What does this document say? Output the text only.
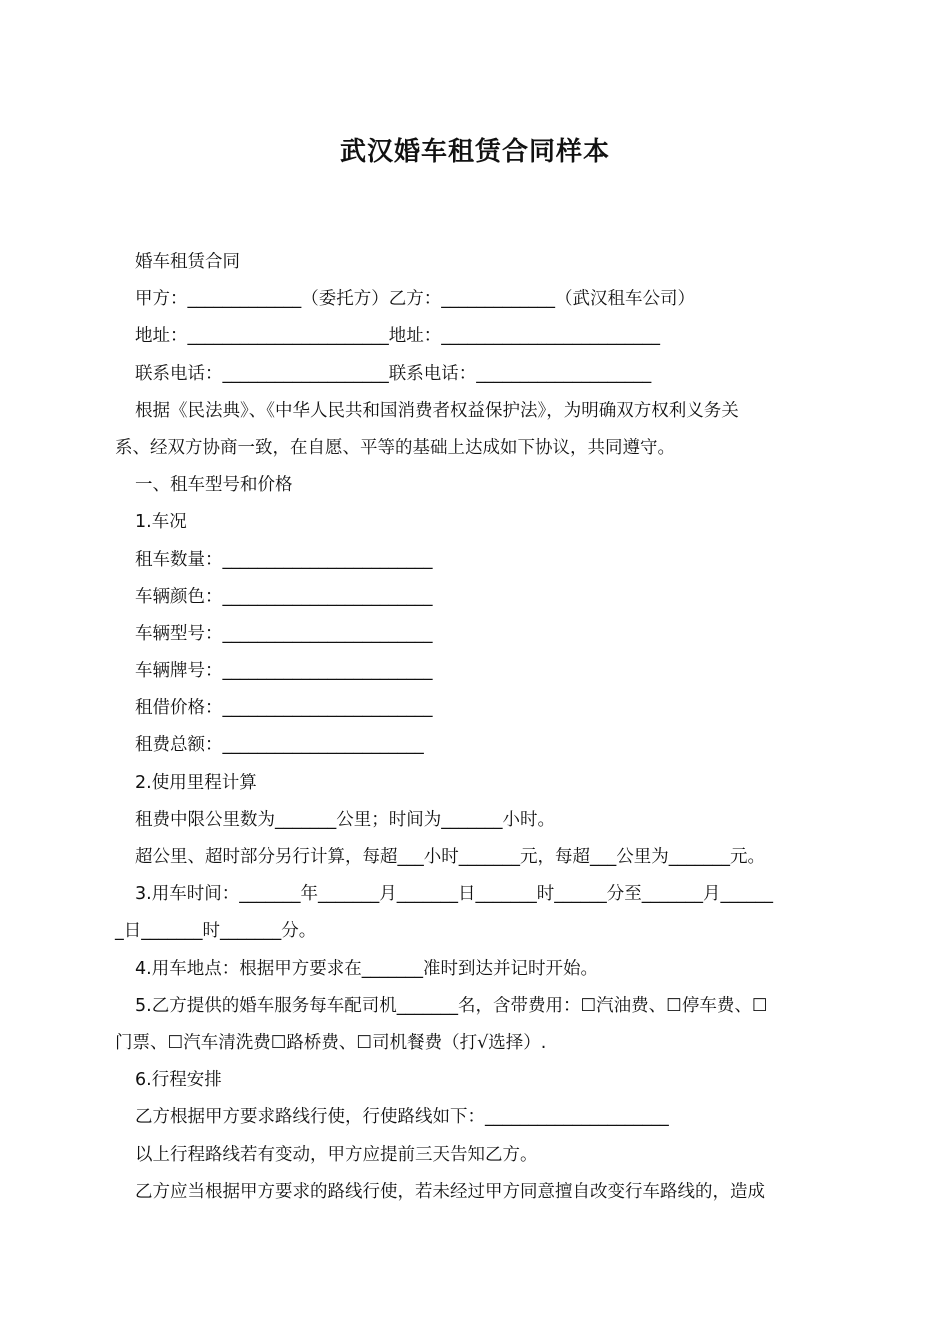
武汉婚车租赁合同样本
婚车租赁合同
甲方：_____________（委托方）乙方：_____________（武汉租车公司）
地址：_______________________地址：_________________________
联系电话：___________________联系电话：____________________
根据《民法典》、《中华人民共和国消费者权益保护法》，为明确双方权利义务关
系、经双方协商一致，在自愿、平等的基础上达成如下协议，共同遵守。
一、租车型号和价格
1.车况
租车数量：________________________
车辆颜色：________________________
车辆型号：________________________
车辆牌号：________________________
租借价格：________________________
租费总额：_______________________
2.使用里程计算
租费中限公里数为_______公里；时间为_______小时。
超公里、超时部分另行计算，每超___小时_______元，每超___公里为_______元。
3.用车时间：_______年_______月_______日_______时______分至_______月______
_日_______时_______分。
4.用车地点：根据甲方要求在_______准时到达并记时开始。
5.乙方提供的婚车服务每车配司机_______名，含带费用：☐汽油费、☐停车费、☐
门票、☐汽车清洗费☐路桥费、☐司机餐费（打√选择）.
6.行程安排
乙方根据甲方要求路线行使，行使路线如下：_____________________
以上行程路线若有变动，甲方应提前三天告知乙方。
乙方应当根据甲方要求的路线行使，若未经过甲方同意擅自改变行车路线的，造成
